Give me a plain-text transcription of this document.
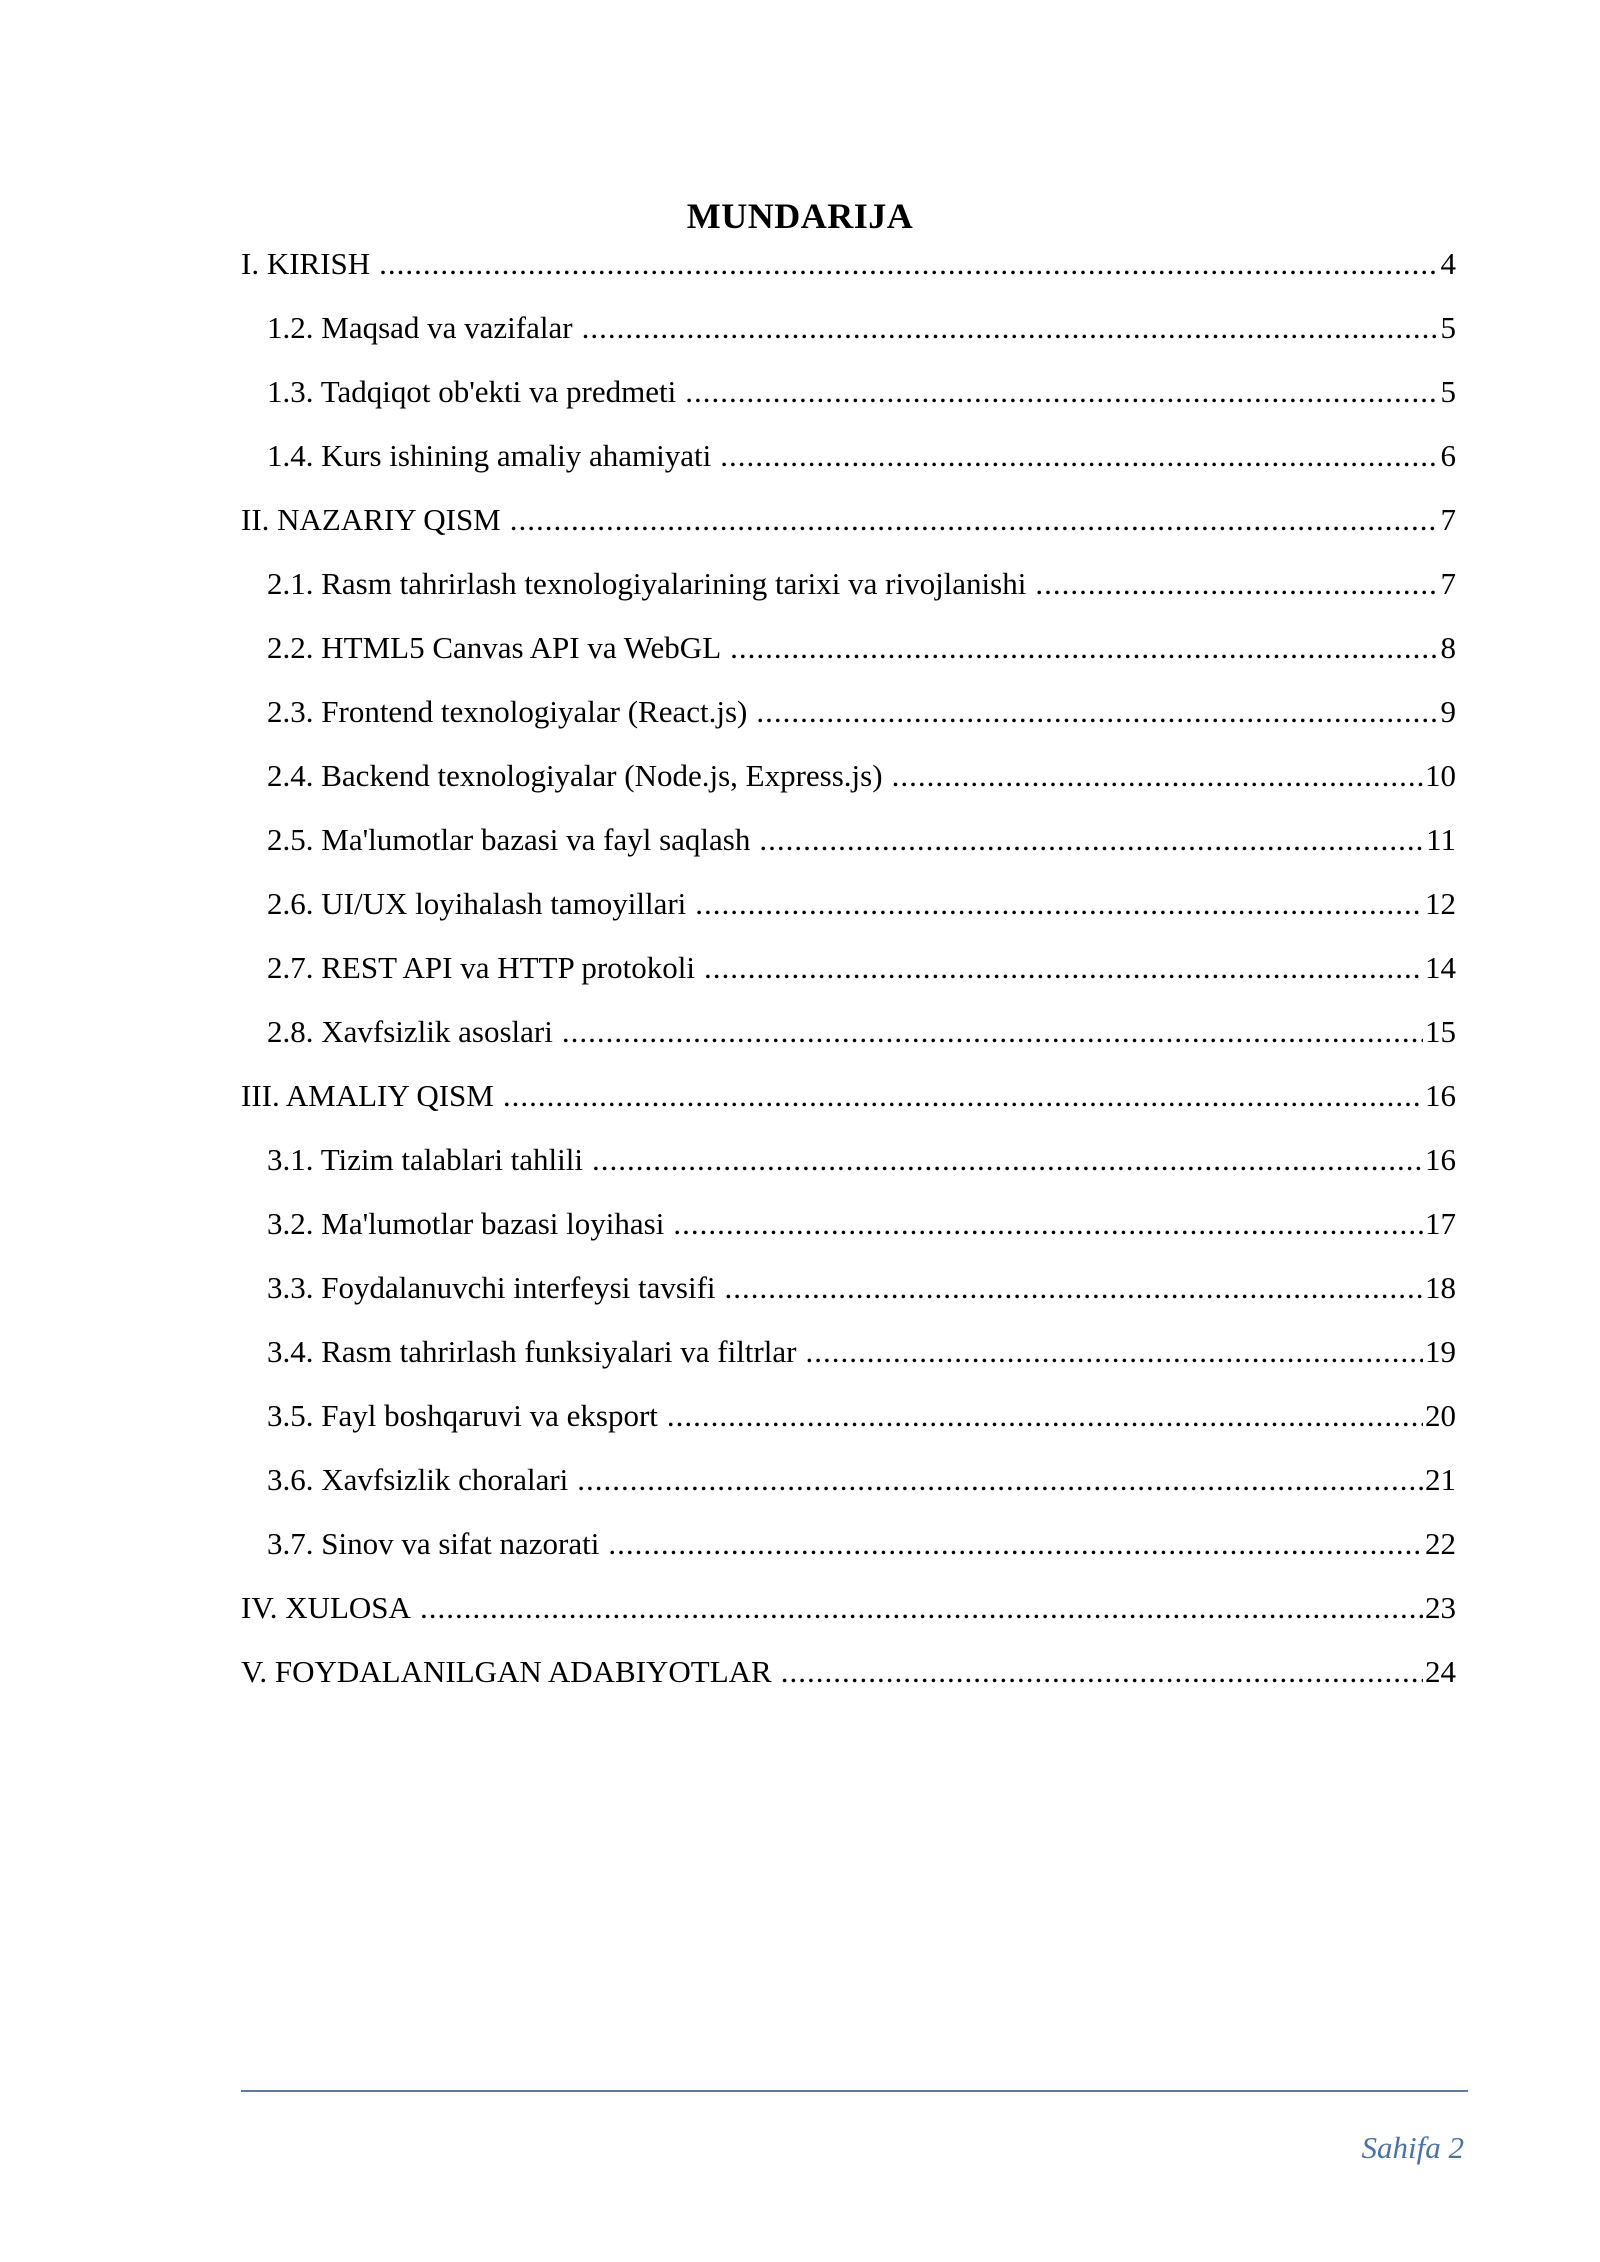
MUNDARIJA
I. KIRISH .....	4
1.2. Maqsad va vazifalar .....	5
1.3. Tadqiqot ob'ekti va predmeti .....	5
1.4. Kurs ishining amaliy ahamiyati .....	6
II. NAZARIY QISM .....	7
2.1. Rasm tahrirlash texnologiyalarining tarixi va rivojlanishi .....	7
2.2. HTML5 Canvas API va WebGL .....	8
2.3. Frontend texnologiyalar (React.js) .....	9
2.4. Backend texnologiyalar (Node.js, Express.js) .....	10
2.5. Ma'lumotlar bazasi va fayl saqlash .....	11
2.6. UI/UX loyihalash tamoyillari .....	12
2.7. REST API va HTTP protokoli .....	14
2.8. Xavfsizlik asoslari .....	15
III. AMALIY QISM .....	16
3.1. Tizim talablari tahlili .....	16
3.2. Ma'lumotlar bazasi loyihasi .....	17
3.3. Foydalanuvchi interfeysi tavsifi .....	18
3.4. Rasm tahrirlash funksiyalari va filtrlar .....	19
3.5. Fayl boshqaruvi va eksport .....	20
3.6. Xavfsizlik choralari .....	21
3.7. Sinov va sifat nazorati .....	22
IV. XULOSA .....	23
V. FOYDALANILGAN ADABIYOTLAR .....	24
Sahifa 2
